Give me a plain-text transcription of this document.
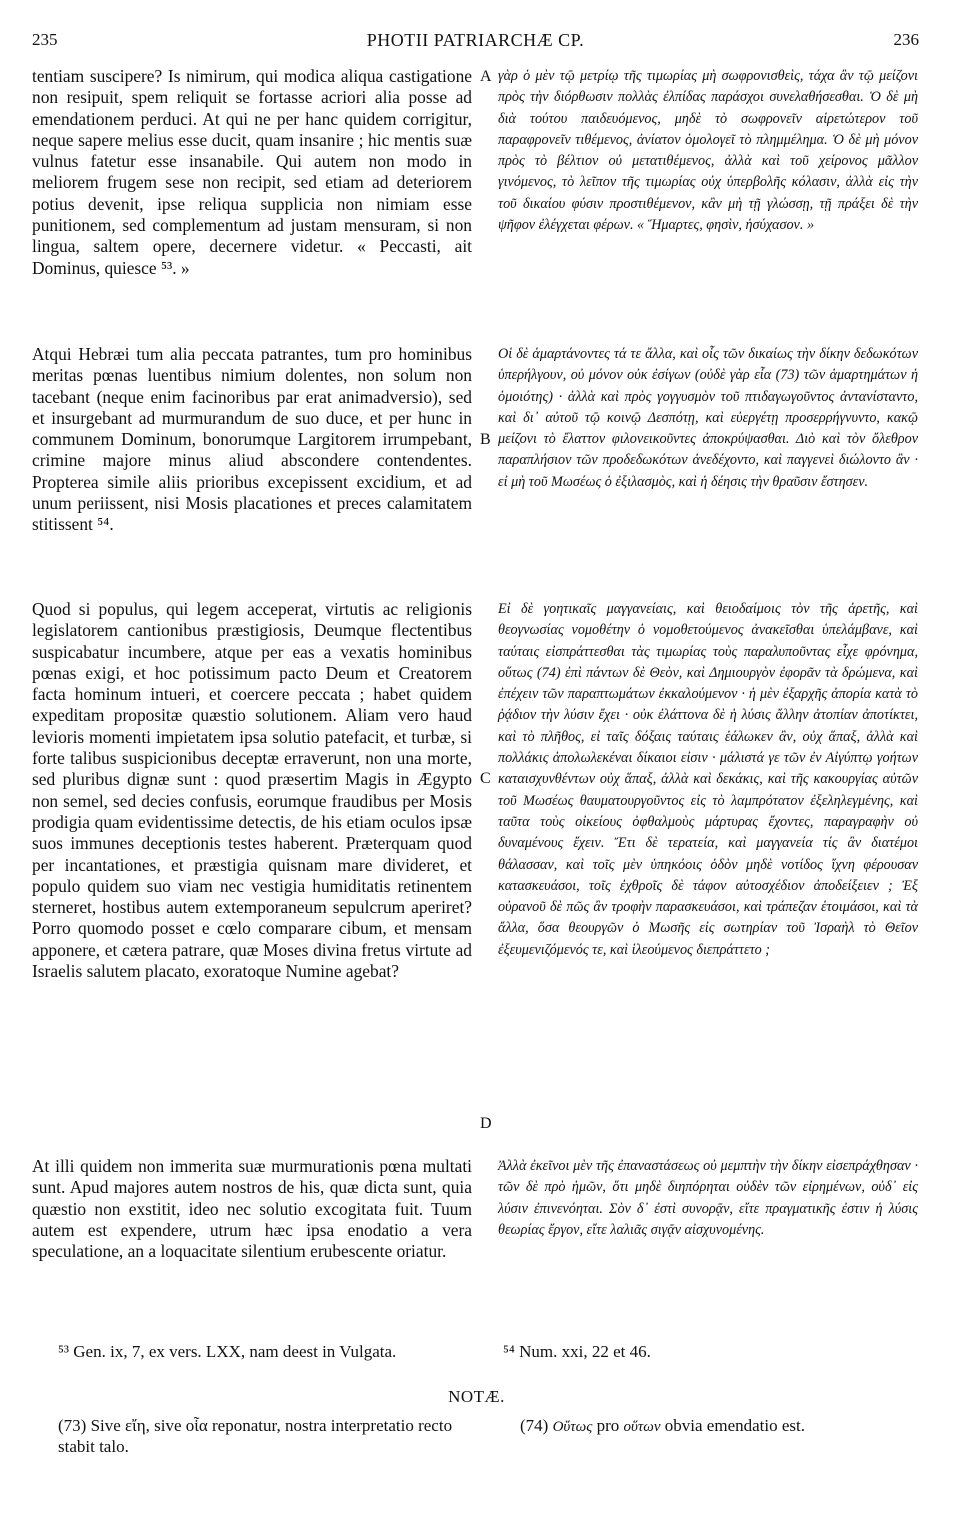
235	PHOTII PATRIARCHÆ CP.	236

tentiam suscipere? Is nimirum, qui modica aliqua castigatione non resipuit, spem reliquit se fortasse acriori alia posse ad emendationem perduci. At qui ne per hanc quidem corrigitur, neque sapere melius esse ducit, quam insanire ; hic mentis suæ vulnus fatetur esse insanabile. Qui autem non modo in meliorem frugem sese non recipit, sed etiam ad deteriorem potius devenit, ipse reliqua supplicia non nimiam esse punitionem, sed complementum ad justam mensuram, si non lingua, saltem opere, decernere videtur. « Peccasti, ait Dominus, quiesce ⁵³. »

Atqui Hebræi tum alia peccata patrantes, tum pro hominibus meritas pœnas luentibus nimium dolentes, non solum non tacebant (neque enim facinoribus par erat animadversio), sed et insurgebant ad murmurandum de suo duce, et per hunc in communem Dominum, bonorumque Largitorem irrumpebant, crimine majore minus aliud abscondere contendentes. Propterea simile aliis prioribus excepissent excidium, et ad unum periissent, nisi Mosis placationes et preces calamitatem stitissent ⁵⁴.

Quod si populus, qui legem acceperat, virtutis ac religionis legislatorem cantionibus præstigiosis, Deumque flectentibus suspicabatur incumbere, atque per eas a vexatis hominibus pœnas exigi, et hoc potissimum pacto Deum et Creatorem facta hominum intueri, et coercere peccata ; habet quidem expeditam propositæ quæstio solutionem. Aliam vero haud levioris momenti impietatem ipsa solutio patefacit, et turbæ, si forte talibus suspicionibus deceptæ erraverunt, non una morte, sed pluribus dignæ sunt : quod præsertim Magis in Ægypto non semel, sed decies confusis, eorumque fraudibus per Mosis prodigia quam evidentissime detectis, de his etiam oculos ipsæ suos immunes deceptionis testes haberent. Præterquam quod per incantationes, et præstigia quisnam mare divideret, et populo quidem suo viam nec vestigia humiditatis retinentem sterneret, hostibus autem extemporaneum sepulcrum aperiret? Porro quomodo posset e cœlo comparare cibum, et mensam apponere, et cætera patrare, quæ Moses divina fretus virtute ad Israelis salutem placato, exoratoque Numine agebat?

At illi quidem non immerita suæ murmurationis pœna multati sunt. Apud majores autem nostros de his, quæ dicta sunt, quia quæstio non exstitit, ideo nec solutio excogitata fuit. Tuum autem est expendere, utrum hæc ipsa enodatio a vera speculatione, an a loquacitate silentium erubescente oriatur.

A
B
C
D

γὰρ ὁ μὲν τῷ μετρίῳ τῆς τιμωρίας μὴ σωφρονισθεὶς, τάχα ἂν τῷ μείζονι πρὸς τὴν διόρθωσιν πολλὰς ἐλπίδας παράσχοι συνελαθήσεσθαι. Ὁ δὲ μὴ διὰ τούτου παιδευόμενος, μηδὲ τὸ σωφρονεῖν αἱρετώτερον τοῦ παραφρονεῖν τιθέμενος, ἀνίατον ὁμολογεῖ τὸ πλημμέλημα. Ὁ δὲ μὴ μόνον πρὸς τὸ βέλτιον οὐ μετατιθέμενος, ἀλλὰ καὶ τοῦ χείρονος μᾶλλον γινόμενος, τὸ λεῖπον τῆς τιμωρίας οὐχ ὑπερβολῆς κόλασιν, ἀλλὰ εἰς τὴν τοῦ δικαίου φύσιν προστιθέμενον, κἂν μὴ τῇ γλώσσῃ, τῇ πράξει δὲ τὴν ψῆφον ἐλέγχεται φέρων. « Ἥμαρτες, φησὶν, ἡσύχασον. »

Οἱ δὲ ἁμαρτάνοντες τά τε ἄλλα, καὶ οἷς τῶν δικαίως τὴν δίκην δεδωκότων ὑπερήλγουν, οὐ μόνον οὐκ ἐσίγων (οὐδὲ γὰρ εἶα (73) τῶν ἁμαρτημάτων ἡ ὁμοιότης) · ἀλλὰ καὶ πρὸς γογγυσμὸν τοῦ πτιδαγωγοῦντος ἀντανίσταντο, καὶ δι᾽ αὐτοῦ τῷ κοινῷ Δεσπότῃ, καὶ εὐεργέτῃ προσερρήγνυντο, κακῷ μείζονι τὸ ἔλαττον φιλονεικοῦντες ἀποκρύψασθαι. Διὸ καὶ τὸν ὄλεθρον παραπλήσιον τῶν προδεδωκότων ἀνεδέχοντο, καὶ παγγενεὶ διώλοντο ἂν · εἰ μὴ τοῦ Μωσέως ὁ ἐξιλασμὸς, καὶ ἡ δέησις τὴν θραῦσιν ἔστησεν.

Εἰ δὲ γοητικαῖς μαγγανείαις, καὶ θειοδαίμοις τὸν τῆς ἀρετῆς, καὶ θεογνωσίας νομοθέτην ὁ νομοθετούμενος ἀνακεῖσθαι ὑπελάμβανε, καὶ ταύταις εἰσπράττεσθαι τὰς τιμωρίας τοὺς παραλυποῦντας εἶχε φρόνημα, οὕτως (74) ἐπὶ πάντων δὲ Θεὸν, καὶ Δημιουργὸν ἐφορᾶν τὰ δρώμενα, καὶ ἐπέχειν τῶν παραπτωμάτων ἐκκαλούμενον · ἡ μὲν ἐξαρχῆς ἀπορία κατὰ τὸ ῥᾴδιον τὴν λύσιν ἔχει · οὐκ ἐλάττονα δὲ ἡ λύσις ἄλλην ἀτοπίαν ἀποτίκτει, καὶ τὸ πλῆθος, εἰ ταῖς δόξαις ταύταις ἑάλωκεν ἂν, οὐχ ἅπαξ, ἀλλὰ καὶ πολλάκις ἀπολωλεκέναι δίκαιοι εἰσιν · μάλιστά γε τῶν ἐν Αἰγύπτῳ γοήτων καταισχυνθέντων οὐχ ἅπαξ, ἀλλὰ καὶ δεκάκις, καὶ τῆς κακουργίας αὐτῶν τοῦ Μωσέως θαυματουργοῦντος εἰς τὸ λαμπρότατον ἐξεληλεγμένης, καὶ ταῦτα τοὺς οἰκείους ὀφθαλμοὺς μάρτυρας ἔχοντες, παραγραφὴν οὐ δυναμένους ἔχειν. Ἔτι δὲ τερατεία, καὶ μαγγανεία τίς ἂν διατέμοι θάλασσαν, καὶ τοῖς μὲν ὑπηκόοις ὁδὸν μηδὲ νοτίδος ἴχνη φέρουσαν κατασκευάσοι, τοῖς ἐχθροῖς δὲ τάφον αὐτοσχέδιον ἀποδείξειεν ; Ἐξ οὐρανοῦ δὲ πῶς ἂν τροφὴν παρασκευάσοι, καὶ τράπεζαν ἑτοιμάσοι, καὶ τὰ ἄλλα, ὅσα θεουργῶν ὁ Μωσῆς εἰς σωτηρίαν τοῦ Ἰσραὴλ τὸ Θεῖον ἐξευμενιζόμενός τε, καὶ ἱλεούμενος διεπράττετο ;

Ἀλλὰ ἐκεῖνοι μὲν τῆς ἐπαναστάσεως οὐ μεμπτὴν τὴν δίκην εἰσεπράχθησαν · τῶν δὲ πρὸ ἡμῶν, ὅτι μηδὲ διηπόρηται οὐδὲν τῶν εἰρημένων, οὐδ᾽ εἰς λύσιν ἐπινενόηται. Σὸν δ᾽ ἐστὶ συνορᾷν, εἴτε πραγματικῆς ἐστιν ἡ λύσις θεωρίας ἔργον, εἴτε λαλιᾶς σιγᾷν αἰσχυνομένης.

⁵³ Gen. ix, 7, ex vers. LXX, nam deest in Vulgata.	⁵⁴ Num. xxi, 22 et 46.
NOTÆ.
(73) Sive εἴη, sive οἷα reponatur, nostra interpretatio recto stabit talo.
(74) Οὕτως pro οὕτων obvia emendatio est.
